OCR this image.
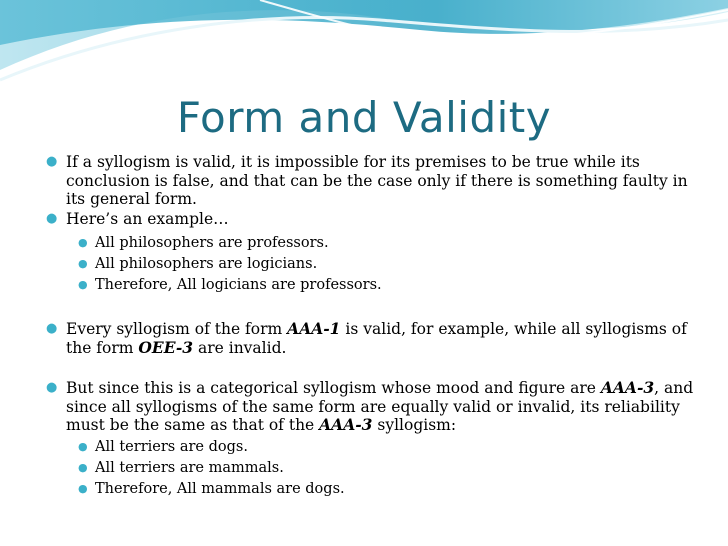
Form and Validity
● If a syllogism is valid, it is impossible for its premises to be true while its conclusion is false, and that can be the case only if there is something faulty in its general form.
● Here’s an example…
● All philosophers are professors.
● All philosophers are logicians.
● Therefore, All logicians are professors.
● Every syllogism of the form AAA-1 is valid, for example, while all syllogisms of the form OEE-3 are invalid.
● But since this is a categorical syllogism whose mood and figure are AAA-3, and since all syllogisms of the same form are equally valid or invalid, its reliability must be the same as that of the AAA-3 syllogism:
● All terriers are dogs.
● All terriers are mammals.
● Therefore, All mammals are dogs.
